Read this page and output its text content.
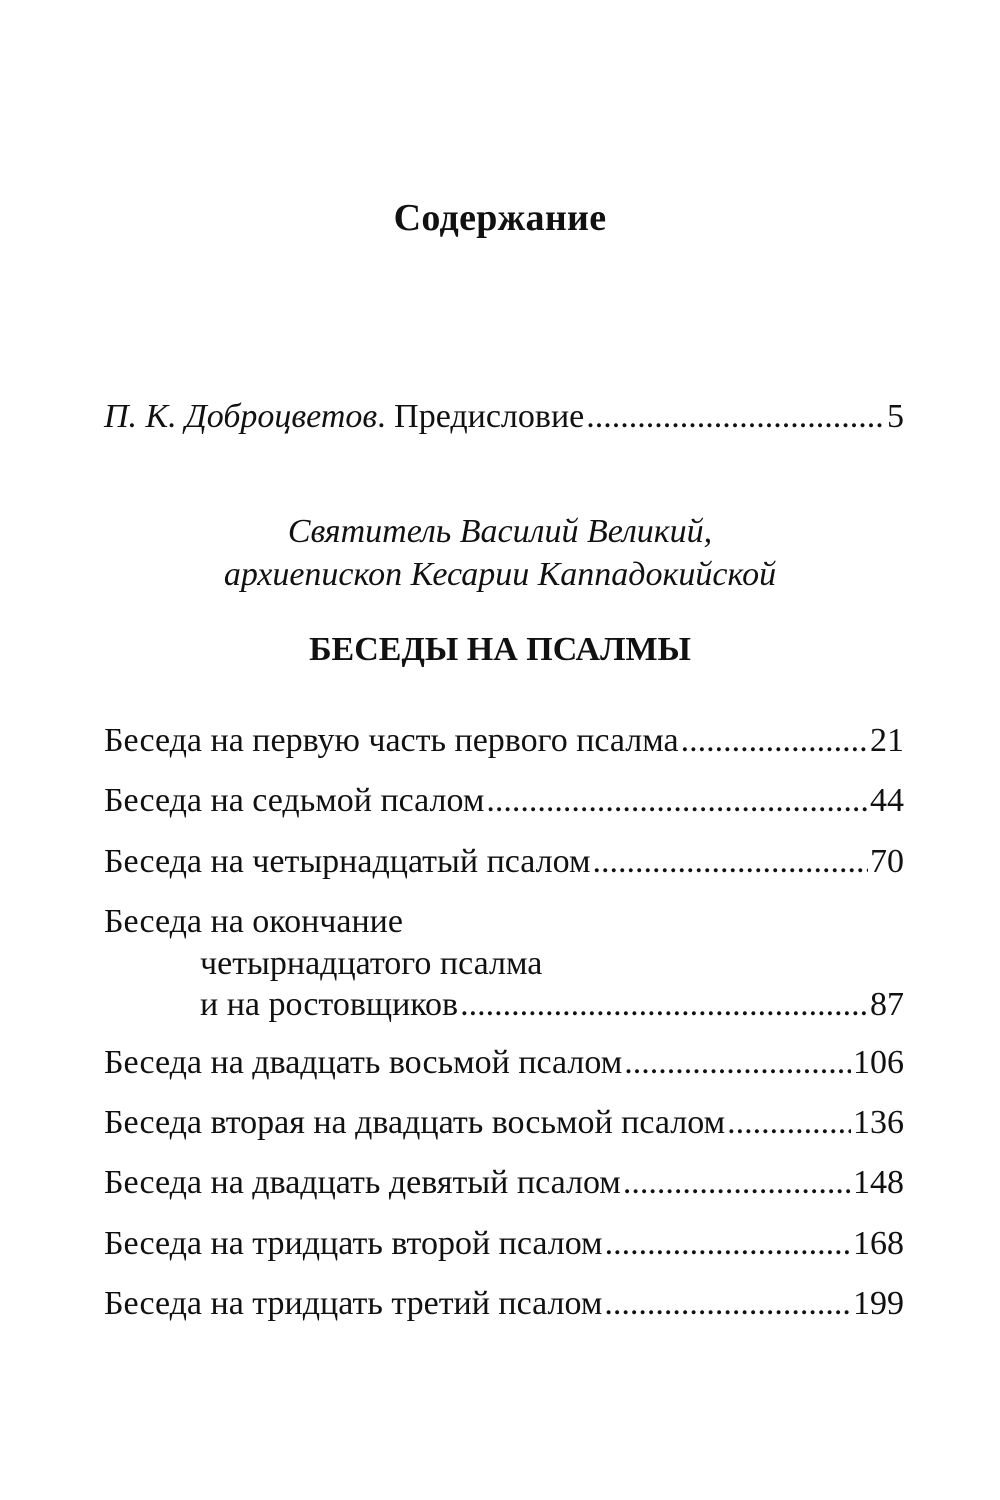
Содержание
П. К. Доброцветов. Предисловие .....	5
Святитель Василий Великий,
архиепископ Кесарии Каппадокийской
БЕСЕДЫ НА ПСАЛМЫ
Беседа на первую часть первого псалма .....	21
Беседа на седьмой псалом .....	44
Беседа на четырнадцатый псалом .....	70
Беседа на окончание
четырнадцатого псалма
и на ростовщиков .....	87
Беседа на двадцать восьмой псалом .....	106
Беседа вторая на двадцать восьмой псалом .....	136
Беседа на двадцать девятый псалом .....	148
Беседа на тридцать второй псалом .....	168
Беседа на тридцать третий псалом .....	199
